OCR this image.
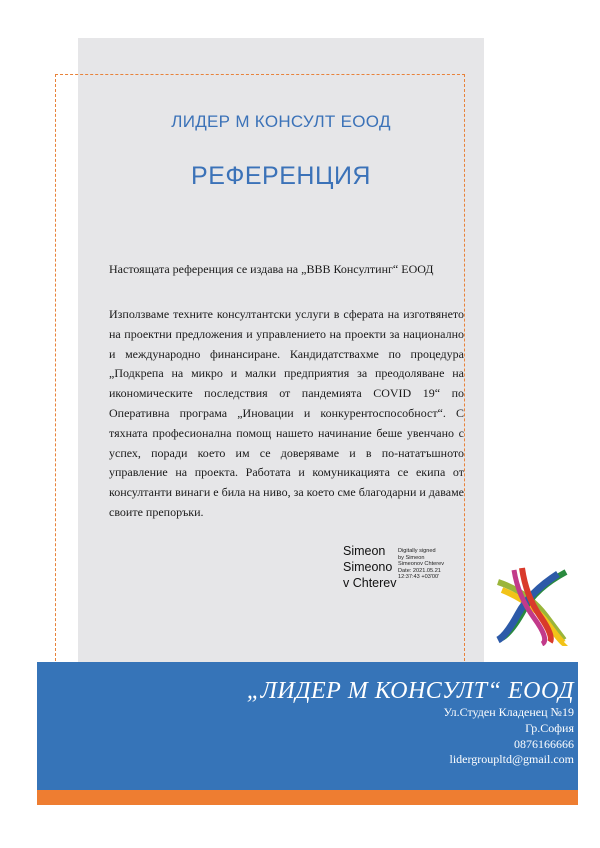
ЛИДЕР М КОНСУЛТ ЕООД
РЕФЕРЕНЦИЯ
Настоящата референция се издава на „ВВВ Консултинг“ ЕООД
Използваме техните консултантски услуги в сферата на изготвянето на проектни предложения и управлението на проекти за национално и международно финансиране. Кандидатствахме по процедура „Подкрепа на микро и малки предприятия за преодоляване на икономическите последствия от пандемията COVID 19“ по Оперативна програма „Иновации и конкурентоспособност“. С тяхната професионална помощ нашето начинание беше увенчано с успех, поради което им се доверяваме и в по-нататъшното управление на проекта. Работата и комуникацията се екипа от консултанти винаги е била на ниво, за което сме благодарни и даваме своите препоръки.
Simeon
Simeono
v Chterev
Digitally signed
by Simeon
Simeonov Chterev
Date: 2021.05.21
12:37:43 +03'00'
„ЛИДЕР М КОНСУЛТ“ ЕООД
Ул.Студен Кладенец №19
Гр.София
0876166666
lidergroupltd@gmail.com
